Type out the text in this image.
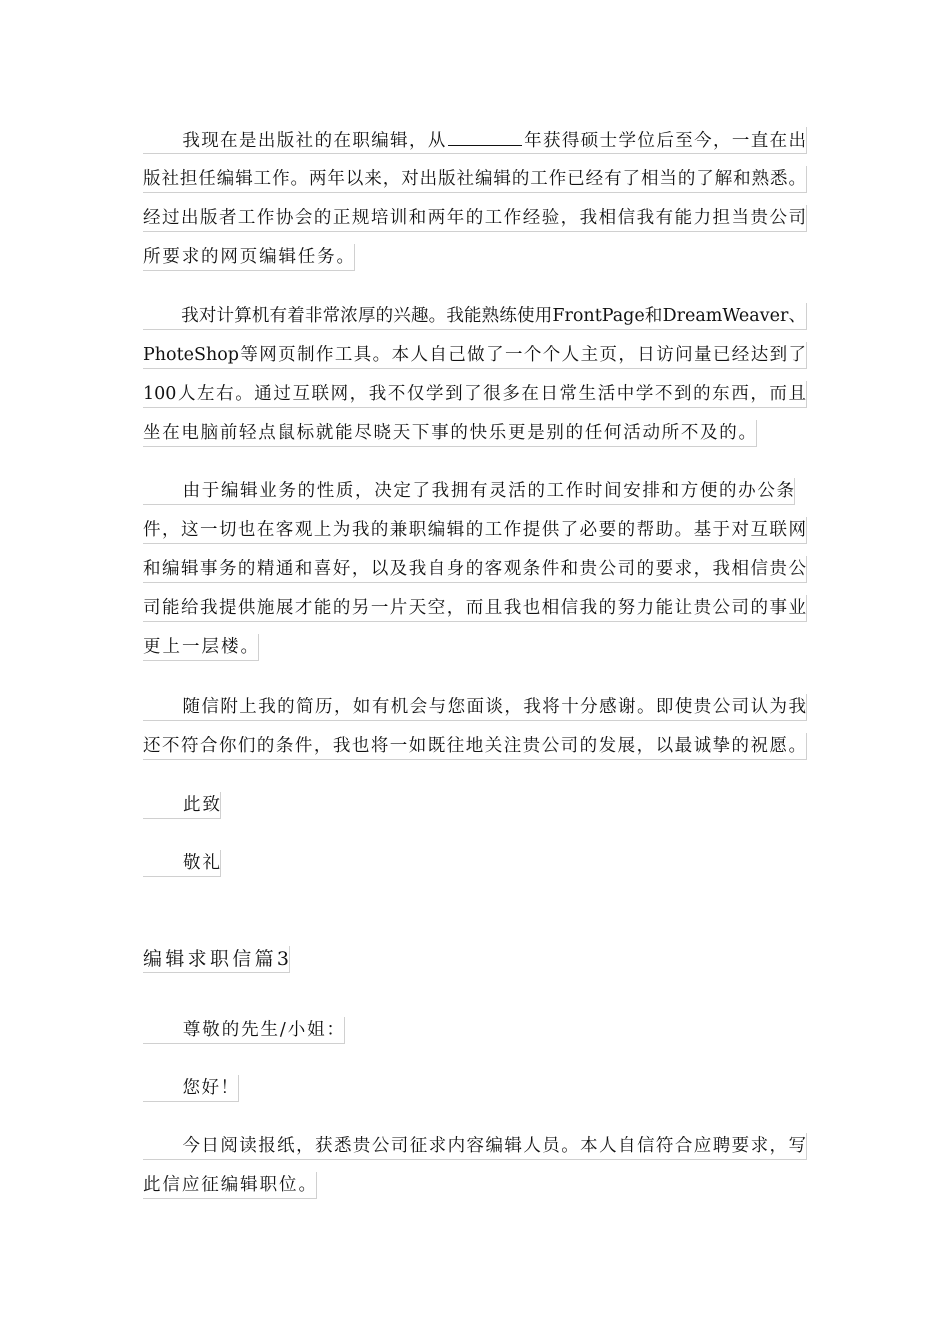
我现在是出版社的在职编辑，从	年获得硕士学位后至今，一直在出
版社担任编辑工作。两年以来，对出版社编辑的工作已经有了相当的了解和熟悉。
经过出版者工作协会的正规培训和两年的工作经验，我相信我有能力担当贵公司
所要求的网页编辑任务。
我对计算机有着非常浓厚的兴趣。我能熟练使用FrontPage和DreamWeaver、
PhoteShop等网页制作工具。本人自己做了一个个人主页，日访问量已经达到了
100人左右。通过互联网，我不仅学到了很多在日常生活中学不到的东西，而且
坐在电脑前轻点鼠标就能尽晓天下事的快乐更是别的任何活动所不及的。
由于编辑业务的性质，决定了我拥有灵活的工作时间安排和方便的办公条
件，这一切也在客观上为我的兼职编辑的工作提供了必要的帮助。基于对互联网
和编辑事务的精通和喜好，以及我自身的客观条件和贵公司的要求，我相信贵公
司能给我提供施展才能的另一片天空，而且我也相信我的努力能让贵公司的事业
更上一层楼。
随信附上我的简历，如有机会与您面谈，我将十分感谢。即使贵公司认为我
还不符合你们的条件，我也将一如既往地关注贵公司的发展，以最诚挚的祝愿。
此致
敬礼
编辑求职信篇3
尊敬的先生/小姐：
您好！
今日阅读报纸，获悉贵公司征求内容编辑人员。本人自信符合应聘要求，写
此信应征编辑职位。
